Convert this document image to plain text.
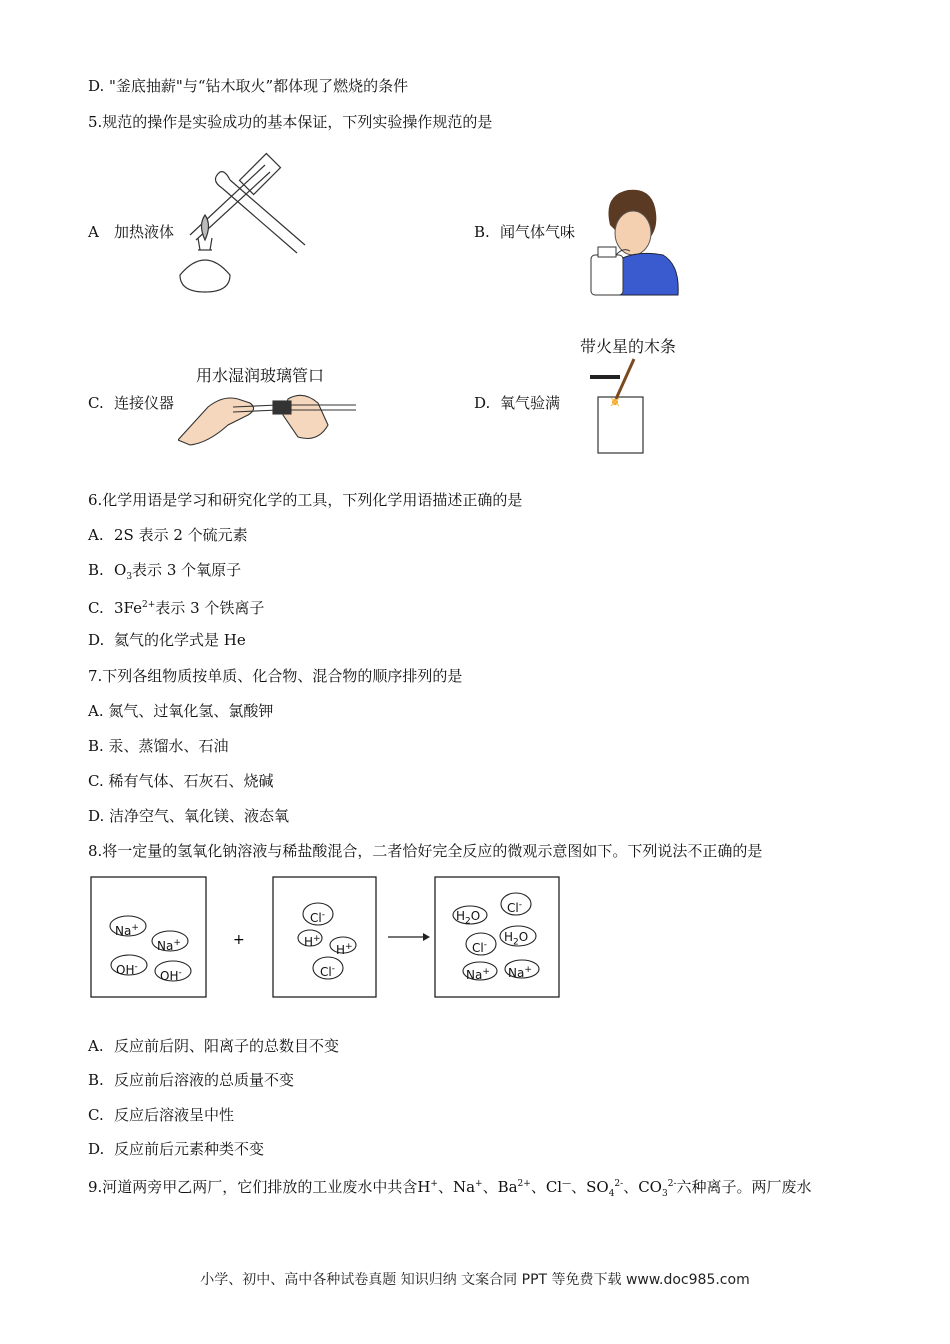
D. "釜底抽薪"与“钻木取火”都体现了燃烧的条件
5.规范的操作是实验成功的基本保证，下列实验操作规范的是
A 加热液体	B. 闻气体气味
C. 连接仪器
用水湿润玻璃管口
D. 氧气验满
带火星的木条
6.化学用语是学习和研究化学的工具，下列化学用语描述正确的是
A. 2S 表示 2 个硫元素
B. $O_3$表示 3 个氧原子
C. $3Fe^{2+}$表示 3 个铁离子
D. 氦气的化学式是 He
7.下列各组物质按单质、化合物、混合物的顺序排列的是
A. 氮气、过氧化氢、氯酸钾
B. 汞、蒸馏水、石油
C. 稀有气体、石灰石、烧碱
D. 洁净空气、氧化镁、液态氧
8.将一定量的氢氧化钠溶液与稀盐酸混合，二者恰好完全反应的微观示意图如下。下列说法不正确的是
+
Na+
Na+
OH-
OH-
Cl-
H+
H+
Cl-
Cl-
$H_2O$
$H_2O$
Cl-
Na+ Na+
A. 反应前后阴、阳离子的总数目不变
B. 反应前后溶液的总质量不变
C. 反应后溶液呈中性
D. 反应前后元素种类不变
9.河道两旁甲乙两厂，它们排放的工业废水中共含H+、Na+、$Ba^{2+}$、Cl—、$SO_4^{2-}$、$CO_3^{2-}$六种离子。两厂废水
小学、初中、高中各种试卷真题 知识归纳 文案合同 PPT 等免费下载 www.doc985.com
